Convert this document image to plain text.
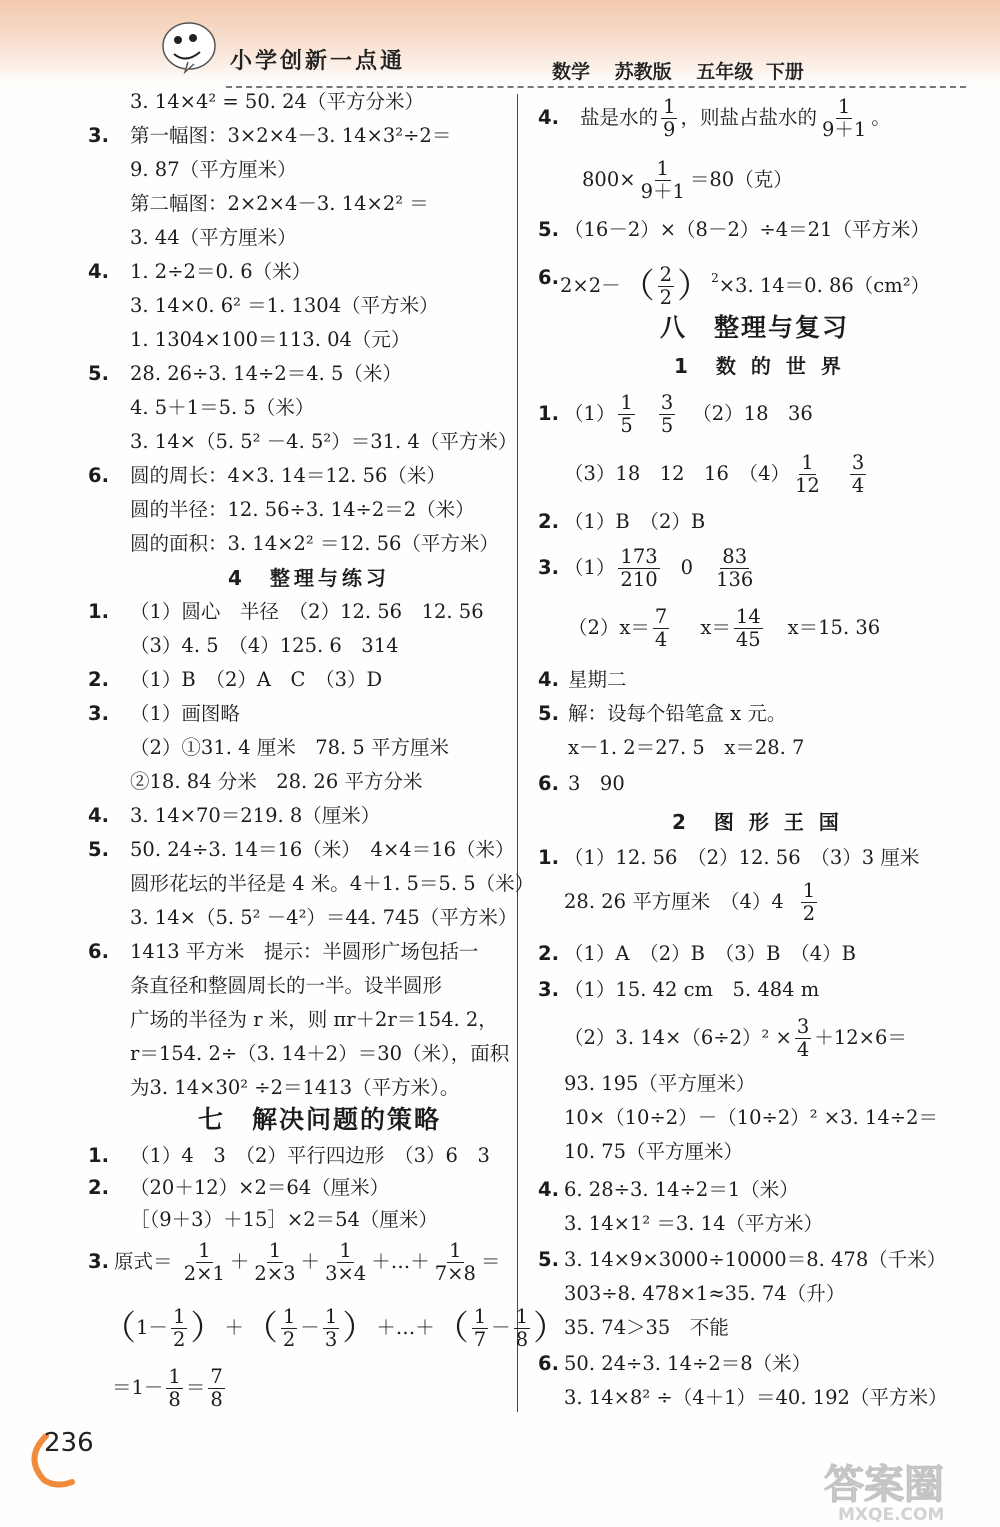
小学创新一点通	数学 苏教版 五年级 下册
3. 14×4² = 50. 24（平方分米）
3. 第一幅图：3×2×4－3. 14×3²÷2＝
9. 87（平方厘米）
第二幅图：2×2×4－3. 14×2² ＝
3. 44（平方厘米）
4. 1. 2÷2＝0. 6（米）
3. 14×0. 6² ＝1. 1304（平方米）
1. 1304×100＝113. 04（元）
5. 28. 26÷3. 14÷2＝4. 5（米）
4. 5＋1＝5. 5（米）
3. 14×（5. 5² －4. 5²）＝31. 4（平方米）
6. 圆的周长：4×3. 14＝12. 56（米）
圆的半径：12. 56÷3. 14÷2＝2（米）
圆的面积：3. 14×2² ＝12. 56（平方米）
4　整理与练习
1. （1）圆心　半径　（2）12. 56　12. 56
（3）4. 5　（4）125. 6　314
2. （1）B　（2）A　C　（3）D
3. （1）画图略
（2）①31. 4 厘米　78. 5 平方厘米
②18. 84 分米　28. 26 平方分米
4. 3. 14×70＝219. 8（厘米）
5. 50. 24÷3. 14＝16（米）　4×4＝16（米）
圆形花坛的半径是 4 米。4＋1. 5＝5. 5（米）
3. 14×（5. 5² －4²）＝44. 745（平方米）
6. 1413 平方米　提示：半圆形广场包括一
条直径和整圆周长的一半。设半圆形
广场的半径为 r 米，则 πr＋2r＝154. 2，
r＝154. 2÷（3. 14＋2）＝30（米），面积
为3. 14×30² ÷2＝1413（平方米）。
七　解决问题的策略
1. （1）4　3　（2）平行四边形　（3）6　3
2. （20＋12）×2＝64（厘米）
［（9＋3）＋15］×2＝54（厘米）
3. 原式＝ $\frac{1}{2\times 1} + \frac{1}{2\times 3} + \frac{1}{3\times 4}$ ＋…＋ $\frac{1}{7\times 8}$ ＝
（$1- \frac{1}{2}$ ）＋（ $\frac{1}{2} - \frac{1}{3}$ ）＋…＋（ $\frac{1}{7} - \frac{1}{8}$ ）
$=1- \frac{1}{8} = \frac{7}{8}$
4. 盐是水的 $\frac{1}{9}$ ，则盐占盐水的 $\frac{1}{9+1}$ 。
$800\times \frac{1}{9+1} =80$（克）
5. （16－2）×（8－2）÷4＝21（平方米）
6. $2\times 2-( \frac{2}{2} )^2\times 3$. 14＝0. 86（cm²）
八　整理与复习
1　数 的 世 界
1. $(1) \frac{1}{5} \frac{3}{5} (2)18$　36
（3）18　12　16　$(4) \frac{1}{12} \frac{3}{4}$
2. （1）B　（2）B
3. $(1) \frac{173}{210} 0 \frac{83}{136}$
$(2)x= \frac{7}{4} x= \frac{14}{45} x=15$. 36
4. 星期二
5. 解：设每个铅笔盒 x 元。
x－1. 2＝27. 5　x＝28. 7
6. 3　90
2　图 形 王 国
1. （1）12. 56　（2）12. 56　（3）3 厘米
28. 26 平方厘米　$(4)4 \frac{1}{2}$
2. （1）A　（2）B　（3）B　（4）B
3. （1）15. 42 cm　5. 484 m
（2）3. $14\times(6\div 2)^2 \times \frac{3}{4} +12\times 6=$
93. 195（平方厘米）
10×（10÷2）－（10÷2）² ×3. 14÷2＝
10. 75（平方厘米）
4. 6. 28÷3. 14÷2＝1（米）
3. 14×1² ＝3. 14（平方米）
5. 3. 14×9×3000÷10000＝8. 478（千米）
303÷8. 478×1≈35. 74（升）
35. 74＞35　不能
6. 50. 24÷3. 14÷2＝8（米）
3. 14×8² ÷（4＋1）＝40. 192（平方米）
236
答案圈
MXQE.COM
